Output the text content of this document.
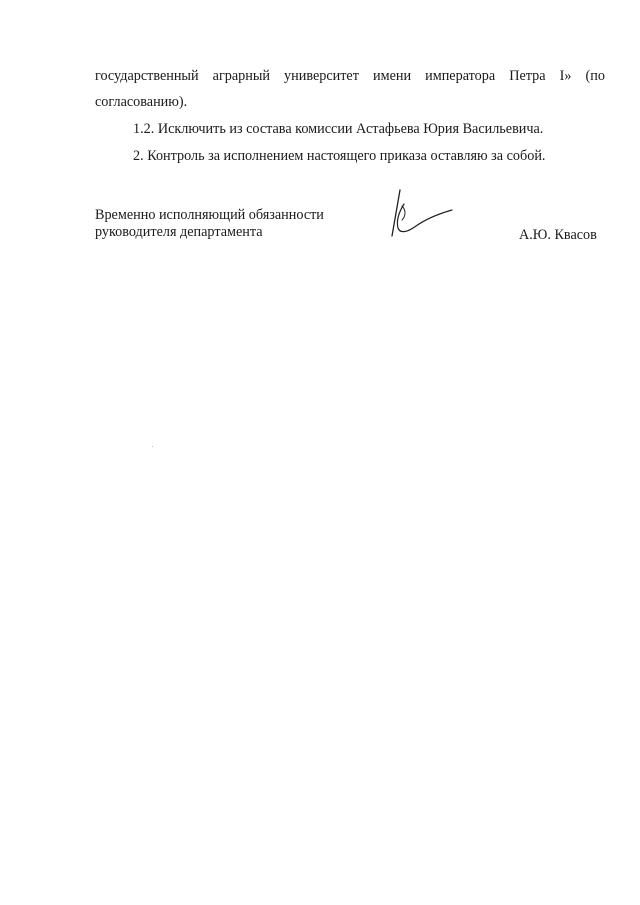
государственный аграрный университет имени императора Петра I» (по
согласованию).
1.2. Исключить из состава комиссии Астафьева Юрия Васильевича.
2. Контроль за исполнением настоящего приказа оставляю за собой.
Временно исполняющий обязанности
руководителя департамента	А.Ю. Квасов
